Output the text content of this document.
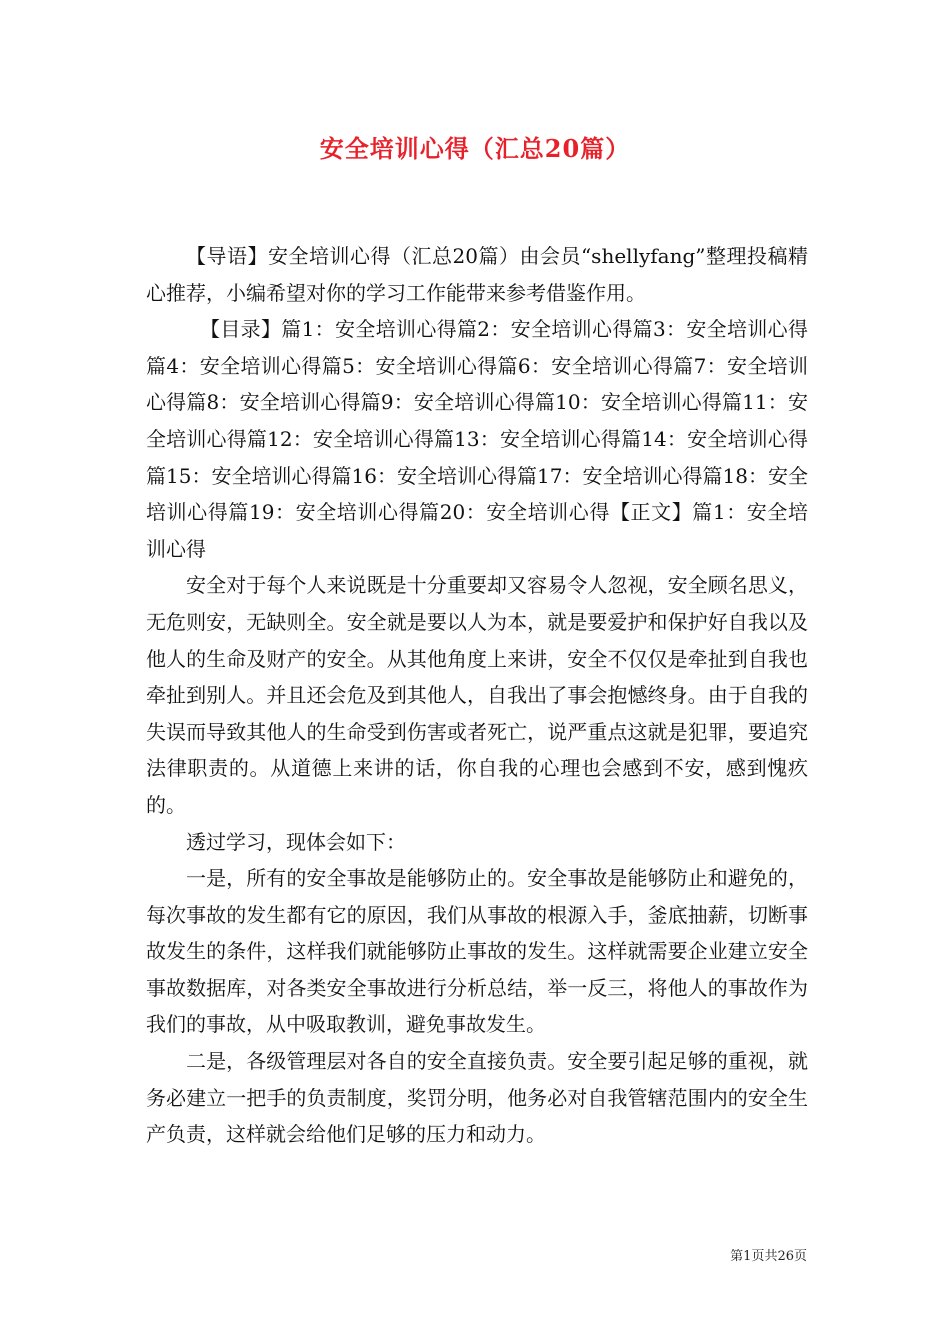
安全培训心得（汇总20篇）

【导语】安全培训心得（汇总20篇）由会员“shellyfang”整理投稿精心推荐，小编希望对你的学习工作能带来参考借鉴作用。

【目录】篇1：安全培训心得篇2：安全培训心得篇3：安全培训心得篇4：安全培训心得篇5：安全培训心得篇6：安全培训心得篇7：安全培训心得篇8：安全培训心得篇9：安全培训心得篇10：安全培训心得篇11：安全培训心得篇12：安全培训心得篇13：安全培训心得篇14：安全培训心得篇15：安全培训心得篇16：安全培训心得篇17：安全培训心得篇18：安全培训心得篇19：安全培训心得篇20：安全培训心得【正文】篇1：安全培训心得

安全对于每个人来说既是十分重要却又容易令人忽视，安全顾名思义，无危则安，无缺则全。安全就是要以人为本，就是要爱护和保护好自我以及他人的生命及财产的安全。从其他角度上来讲，安全不仅仅是牵扯到自我也牵扯到别人。并且还会危及到其他人，自我出了事会抱憾终身。由于自我的失误而导致其他人的生命受到伤害或者死亡，说严重点这就是犯罪，要追究法律职责的。从道德上来讲的话，你自我的心理也会感到不安，感到愧疚的。

透过学习，现体会如下：

一是，所有的安全事故是能够防止的。安全事故是能够防止和避免的，每次事故的发生都有它的原因，我们从事故的根源入手，釜底抽薪，切断事故发生的条件，这样我们就能够防止事故的发生。这样就需要企业建立安全事故数据库，对各类安全事故进行分析总结，举一反三，将他人的事故作为我们的事故，从中吸取教训，避免事故发生。

二是，各级管理层对各自的安全直接负责。安全要引起足够的重视，就务必建立一把手的负责制度，奖罚分明，他务必对自我管辖范围内的安全生产负责，这样就会给他们足够的压力和动力。

第1页共26页
